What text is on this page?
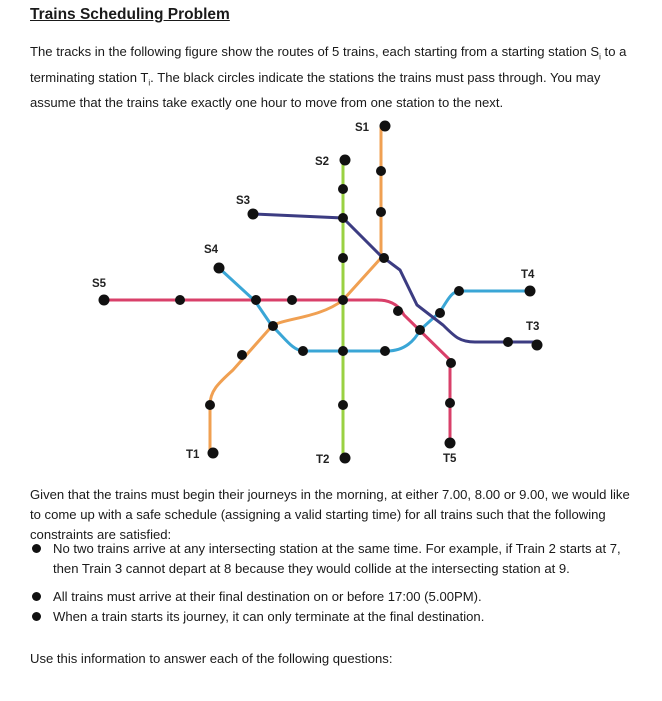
Trains Scheduling Problem

The tracks in the following figure show the routes of 5 trains, each starting from a starting station $S_i$ to a terminating station $T_i$. The black circles indicate the stations the trains must pass through. You may assume that the trains take exactly one hour to move from one station to the next.

S1
S2
S3
S4
S5
T4
T3
T1	T2	T5

Given that the trains must begin their journeys in the morning, at either 7.00, 8.00 or 9.00, we would like to come up with a safe schedule (assigning a valid starting time) for all trains such that the following constraints are satisfied:

No two trains arrive at any intersecting station at the same time. For example, if Train 2 starts at 7, then Train 3 cannot depart at 8 because they would collide at the intersecting station at 9.
All trains must arrive at their final destination on or before 17:00 (5.00PM).
When a train starts its journey, it can only terminate at the final destination.

Use this information to answer each of the following questions:
